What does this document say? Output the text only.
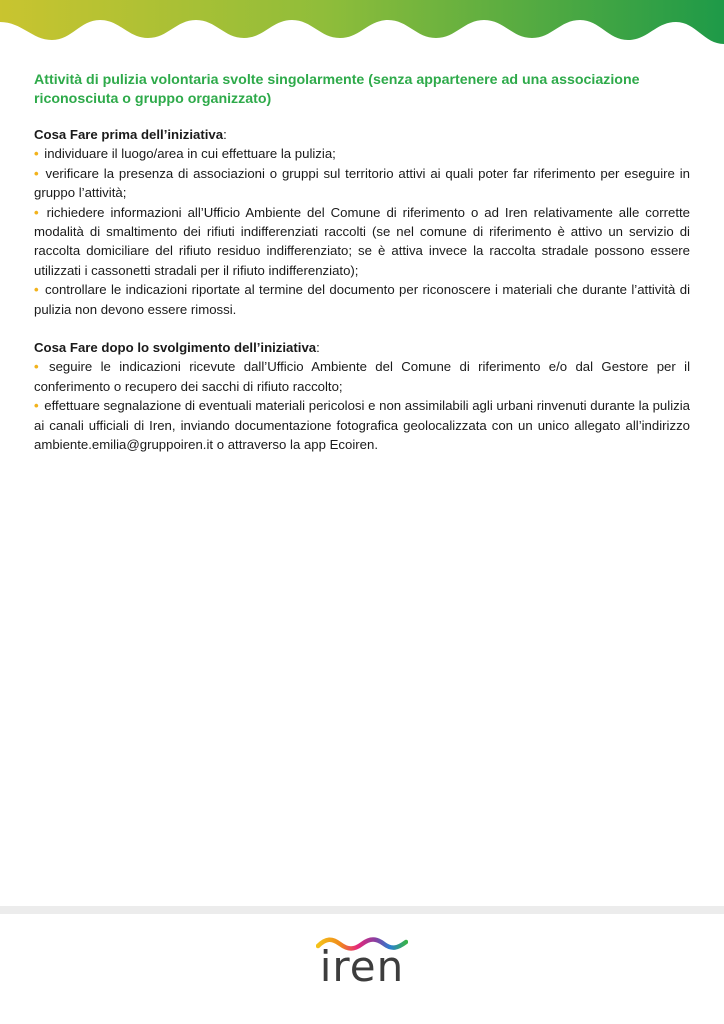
Attività di pulizia volontaria svolte singolarmente (senza appartenere ad una associazione riconosciuta o gruppo organizzato)

Cosa Fare prima dell’iniziativa:

• individuare il luogo/area in cui effettuare la pulizia;

• verificare la presenza di associazioni o gruppi sul territorio attivi ai quali poter far riferimento per eseguire in gruppo l’attività;

• richiedere informazioni all’Ufficio Ambiente del Comune di riferimento o ad Iren relativamente alle corrette modalità di smaltimento dei rifiuti indifferenziati raccolti (se nel comune di riferimento è attivo un servizio di raccolta domiciliare del rifiuto residuo indifferenziato; se è attiva invece la raccolta stradale possono essere utilizzati i cassonetti stradali per il rifiuto indifferenziato);

• controllare le indicazioni riportate al termine del documento per riconoscere i materiali che durante l’attività di pulizia non devono essere rimossi.

Cosa Fare dopo lo svolgimento dell’iniziativa:

• seguire le indicazioni ricevute dall’Ufficio Ambiente del Comune di riferimento e/o dal Gestore per il conferimento o recupero dei sacchi di rifiuto raccolto;

• effettuare segnalazione di eventuali materiali pericolosi e non assimilabili agli urbani rinvenuti durante la pulizia ai canali ufficiali di Iren, inviando documentazione fotografica geolocalizzata con un unico allegato all’indirizzo ambiente.emilia@gruppoiren.it o attraverso la app Ecoiren.

iren
